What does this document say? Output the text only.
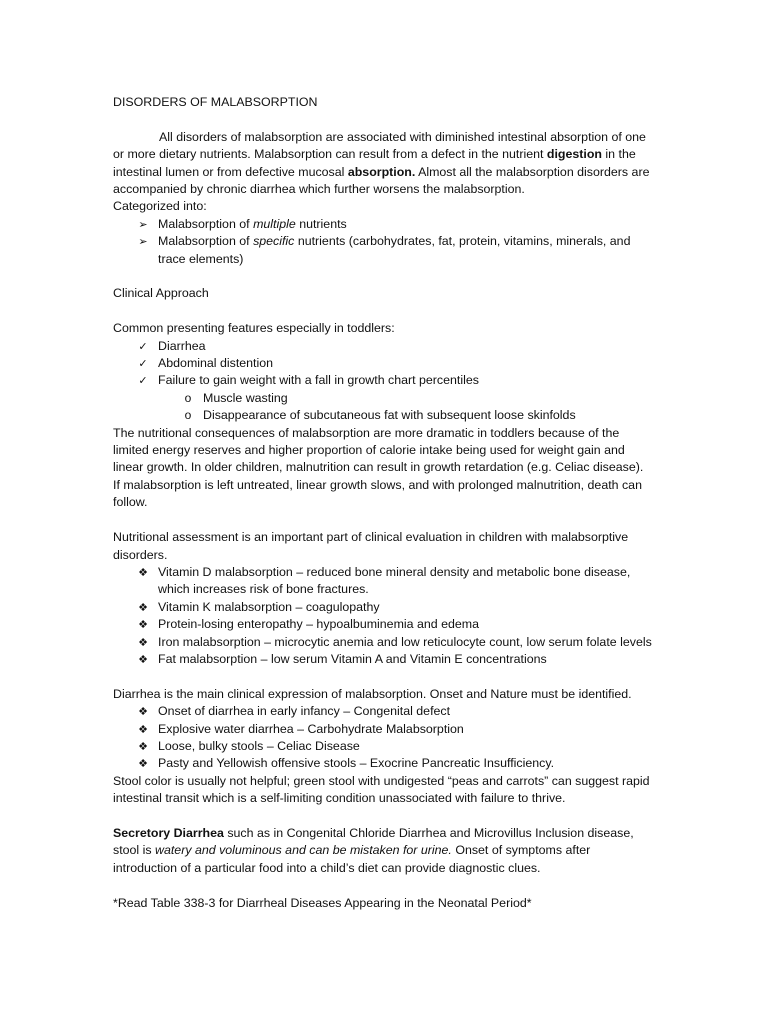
DISORDERS OF MALABSORPTION

All disorders of malabsorption are associated with diminished intestinal absorption of one or more dietary nutrients. Malabsorption can result from a defect in the nutrient digestion in the intestinal lumen or from defective mucosal absorption. Almost all the malabsorption disorders are accompanied by chronic diarrhea which further worsens the malabsorption.

Categorized into:

➢ Malabsorption of multiple nutrients
➢ Malabsorption of specific nutrients (carbohydrates, fat, protein, vitamins, minerals, and trace elements)

Clinical Approach

Common presenting features especially in toddlers:

✓ Diarrhea
✓ Abdominal distention
✓ Failure to gain weight with a fall in growth chart percentiles
o Muscle wasting
o Disappearance of subcutaneous fat with subsequent loose skinfolds

The nutritional consequences of malabsorption are more dramatic in toddlers because of the limited energy reserves and higher proportion of calorie intake being used for weight gain and linear growth. In older children, malnutrition can result in growth retardation (e.g. Celiac disease). If malabsorption is left untreated, linear growth slows, and with prolonged malnutrition, death can follow.

Nutritional assessment is an important part of clinical evaluation in children with malabsorptive disorders.

❖ Vitamin D malabsorption – reduced bone mineral density and metabolic bone disease, which increases risk of bone fractures.
❖ Vitamin K malabsorption – coagulopathy
❖ Protein-losing enteropathy – hypoalbuminemia and edema
❖ Iron malabsorption – microcytic anemia and low reticulocyte count, low serum folate levels
❖ Fat malabsorption – low serum Vitamin A and Vitamin E concentrations

Diarrhea is the main clinical expression of malabsorption. Onset and Nature must be identified.

❖ Onset of diarrhea in early infancy – Congenital defect
❖ Explosive water diarrhea – Carbohydrate Malabsorption
❖ Loose, bulky stools – Celiac Disease
❖ Pasty and Yellowish offensive stools – Exocrine Pancreatic Insufficiency.

Stool color is usually not helpful; green stool with undigested “peas and carrots” can suggest rapid intestinal transit which is a self-limiting condition unassociated with failure to thrive.

Secretory Diarrhea such as in Congenital Chloride Diarrhea and Microvillus Inclusion disease, stool is watery and voluminous and can be mistaken for urine. Onset of symptoms after introduction of a particular food into a child’s diet can provide diagnostic clues.

*Read Table 338-3 for Diarrheal Diseases Appearing in the Neonatal Period*
